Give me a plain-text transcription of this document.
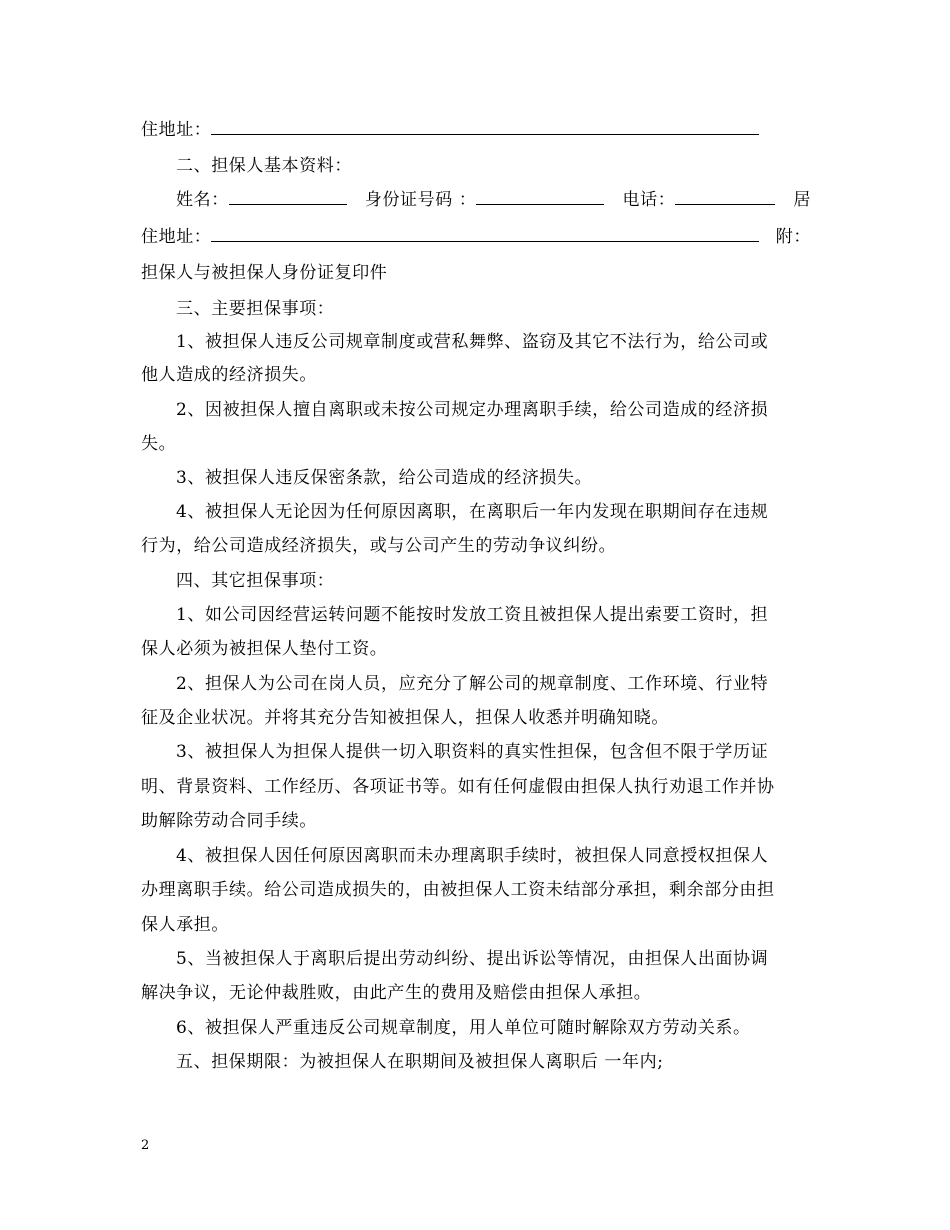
住地址：
二、担保人基本资料：
姓名：	身份证号码 ：	电话：	居
住地址：	附：
担保人与被担保人身份证复印件
三、主要担保事项：
1、被担保人违反公司规章制度或营私舞弊、盗窃及其它不法行为，给公司或
他人造成的经济损失。
2、因被担保人擅自离职或未按公司规定办理离职手续，给公司造成的经济损
失。
3、被担保人违反保密条款，给公司造成的经济损失。
4、被担保人无论因为任何原因离职，在离职后一年内发现在职期间存在违规
行为，给公司造成经济损失，或与公司产生的劳动争议纠纷。
四、其它担保事项：
1、如公司因经营运转问题不能按时发放工资且被担保人提出索要工资时，担
保人必须为被担保人垫付工资。
2、担保人为公司在岗人员，应充分了解公司的规章制度、工作环境、行业特
征及企业状况。并将其充分告知被担保人，担保人收悉并明确知晓。
3、被担保人为担保人提供一切入职资料的真实性担保，包含但不限于学历证
明、背景资料、工作经历、各项证书等。如有任何虚假由担保人执行劝退工作并协
助解除劳动合同手续。
4、被担保人因任何原因离职而未办理离职手续时，被担保人同意授权担保人
办理离职手续。给公司造成损失的，由被担保人工资未结部分承担，剩余部分由担
保人承担。
5、当被担保人于离职后提出劳动纠纷、提出诉讼等情况，由担保人出面协调
解决争议，无论仲裁胜败，由此产生的费用及赔偿由担保人承担。
6、被担保人严重违反公司规章制度，用人单位可随时解除双方劳动关系。
五、担保期限：为被担保人在职期间及被担保人离职后 一年内;
2
